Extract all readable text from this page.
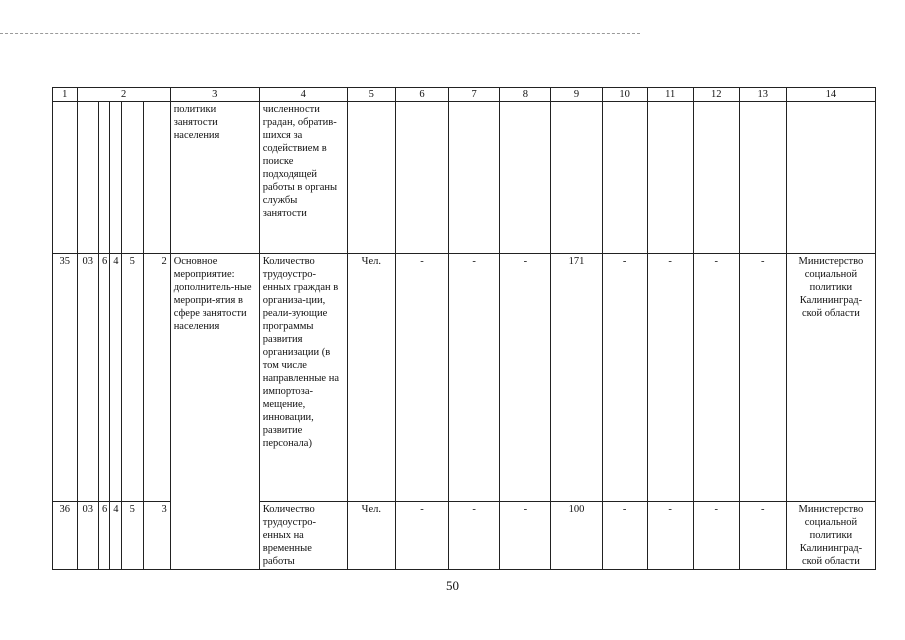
1	2					3	4	5	6	7	8	9	10	11	12	13	14
						политики занятости населения	численности градан, обратив-шихся за содействием в поиске подходящей работы в органы службы занятости										
35	03	6	4	5	2	Основное мероприятие: дополнитель-ные меропри-ятия в сфере занятости населения	Количество трудоустро-енных граждан в организа-ции, реали-зующие программы развития организации (в том числе направленные на импортоза-мещение, инновации, развитие персонала)	Чел.	-	-	-	171	-	-	-	-	Министерство социальной политики Калининград-ской области
36	03	6	4	5	3		Количество трудоустро-енных на временные работы	Чел.	-	-	-	100	-	-	-	-	Министерство социальной политики Калининград-ской области
50
